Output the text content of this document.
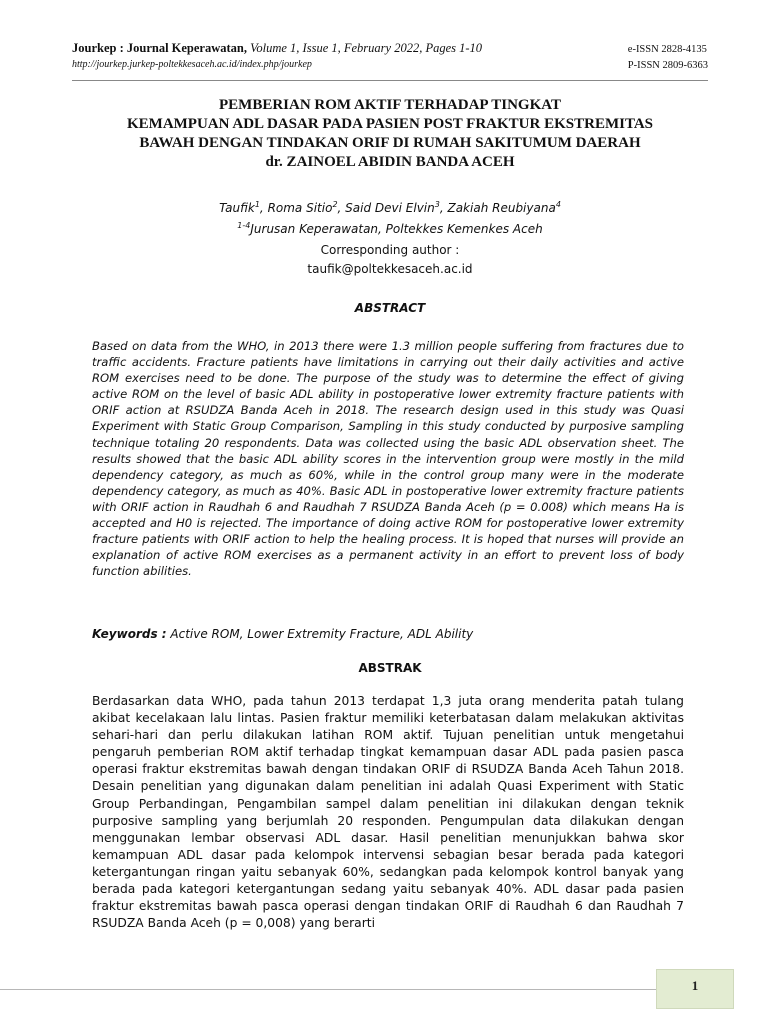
Jourkep : Journal Keperawatan, Volume 1, Issue 1, February 2022, Pages 1-10
http://jourkep.jurkep-poltekkesaceh.ac.id/index.php/jourkep
e-ISSN 2828-4135
P-ISSN 2809-6363
PEMBERIAN ROM AKTIF TERHADAP TINGKAT
KEMAMPUAN ADL DASAR PADA PASIEN POST FRAKTUR EKSTREMITAS
BAWAH DENGAN TINDAKAN ORIF DI RUMAH SAKITUMUM DAERAH
dr. ZAINOEL ABIDIN BANDA ACEH
Taufik$^1$, Roma Sitio$^2$, Said Devi Elvin$^3$, Zakiah Reubiyana$^4$
$^{1-4}$Jurusan Keperawatan, Poltekkes Kemenkes Aceh
Corresponding author :
taufik@poltekkesaceh.ac.id
ABSTRACT

Based on data from the WHO, in 2013 there were 1.3 million people suffering from fractures due to traffic accidents. Fracture patients have limitations in carrying out their daily activities and active ROM exercises need to be done. The purpose of the study was to determine the effect of giving active ROM on the level of basic ADL ability in postoperative lower extremity fracture patients with ORIF action at RSUDZA Banda Aceh in 2018. The research design used in this study was Quasi Experiment with Static Group Comparison, Sampling in this study conducted by purposive sampling technique totaling 20 respondents. Data was collected using the basic ADL observation sheet. The results showed that the basic ADL ability scores in the intervention group were mostly in the mild dependency category, as much as 60%, while in the control group many were in the moderate dependency category, as much as 40%. Basic ADL in postoperative lower extremity fracture patients with ORIF action in Raudhah 6 and Raudhah 7 RSUDZA Banda Aceh (p = 0.008) which means Ha is accepted and H0 is rejected. The importance of doing active ROM for postoperative lower extremity fracture patients with ORIF action to help the healing process. It is hoped that nurses will provide an explanation of active ROM exercises as a permanent activity in an effort to prevent loss of body function abilities.

Keywords : Active ROM, Lower Extremity Fracture, ADL Ability
ABSTRAK

Berdasarkan data WHO, pada tahun 2013 terdapat 1,3 juta orang menderita patah tulang akibat kecelakaan lalu lintas. Pasien fraktur memiliki keterbatasan dalam melakukan aktivitas sehari-hari dan perlu dilakukan latihan ROM aktif. Tujuan penelitian untuk mengetahui pengaruh pemberian ROM aktif terhadap tingkat kemampuan dasar ADL pada pasien pasca operasi fraktur ekstremitas bawah dengan tindakan ORIF di RSUDZA Banda Aceh Tahun 2018. Desain penelitian yang digunakan dalam penelitian ini adalah Quasi Experiment with Static Group Perbandingan, Pengambilan sampel dalam penelitian ini dilakukan dengan teknik purposive sampling yang berjumlah 20 responden. Pengumpulan data dilakukan dengan menggunakan lembar observasi ADL dasar. Hasil penelitian menunjukkan bahwa skor kemampuan ADL dasar pada kelompok intervensi sebagian besar berada pada kategori ketergantungan ringan yaitu sebanyak 60%, sedangkan pada kelompok kontrol banyak yang berada pada kategori ketergantungan sedang yaitu sebanyak 40%. ADL dasar pada pasien fraktur ekstremitas bawah pasca operasi dengan tindakan ORIF di Raudhah 6 dan Raudhah 7 RSUDZA Banda Aceh (p = 0,008) yang berarti

1
